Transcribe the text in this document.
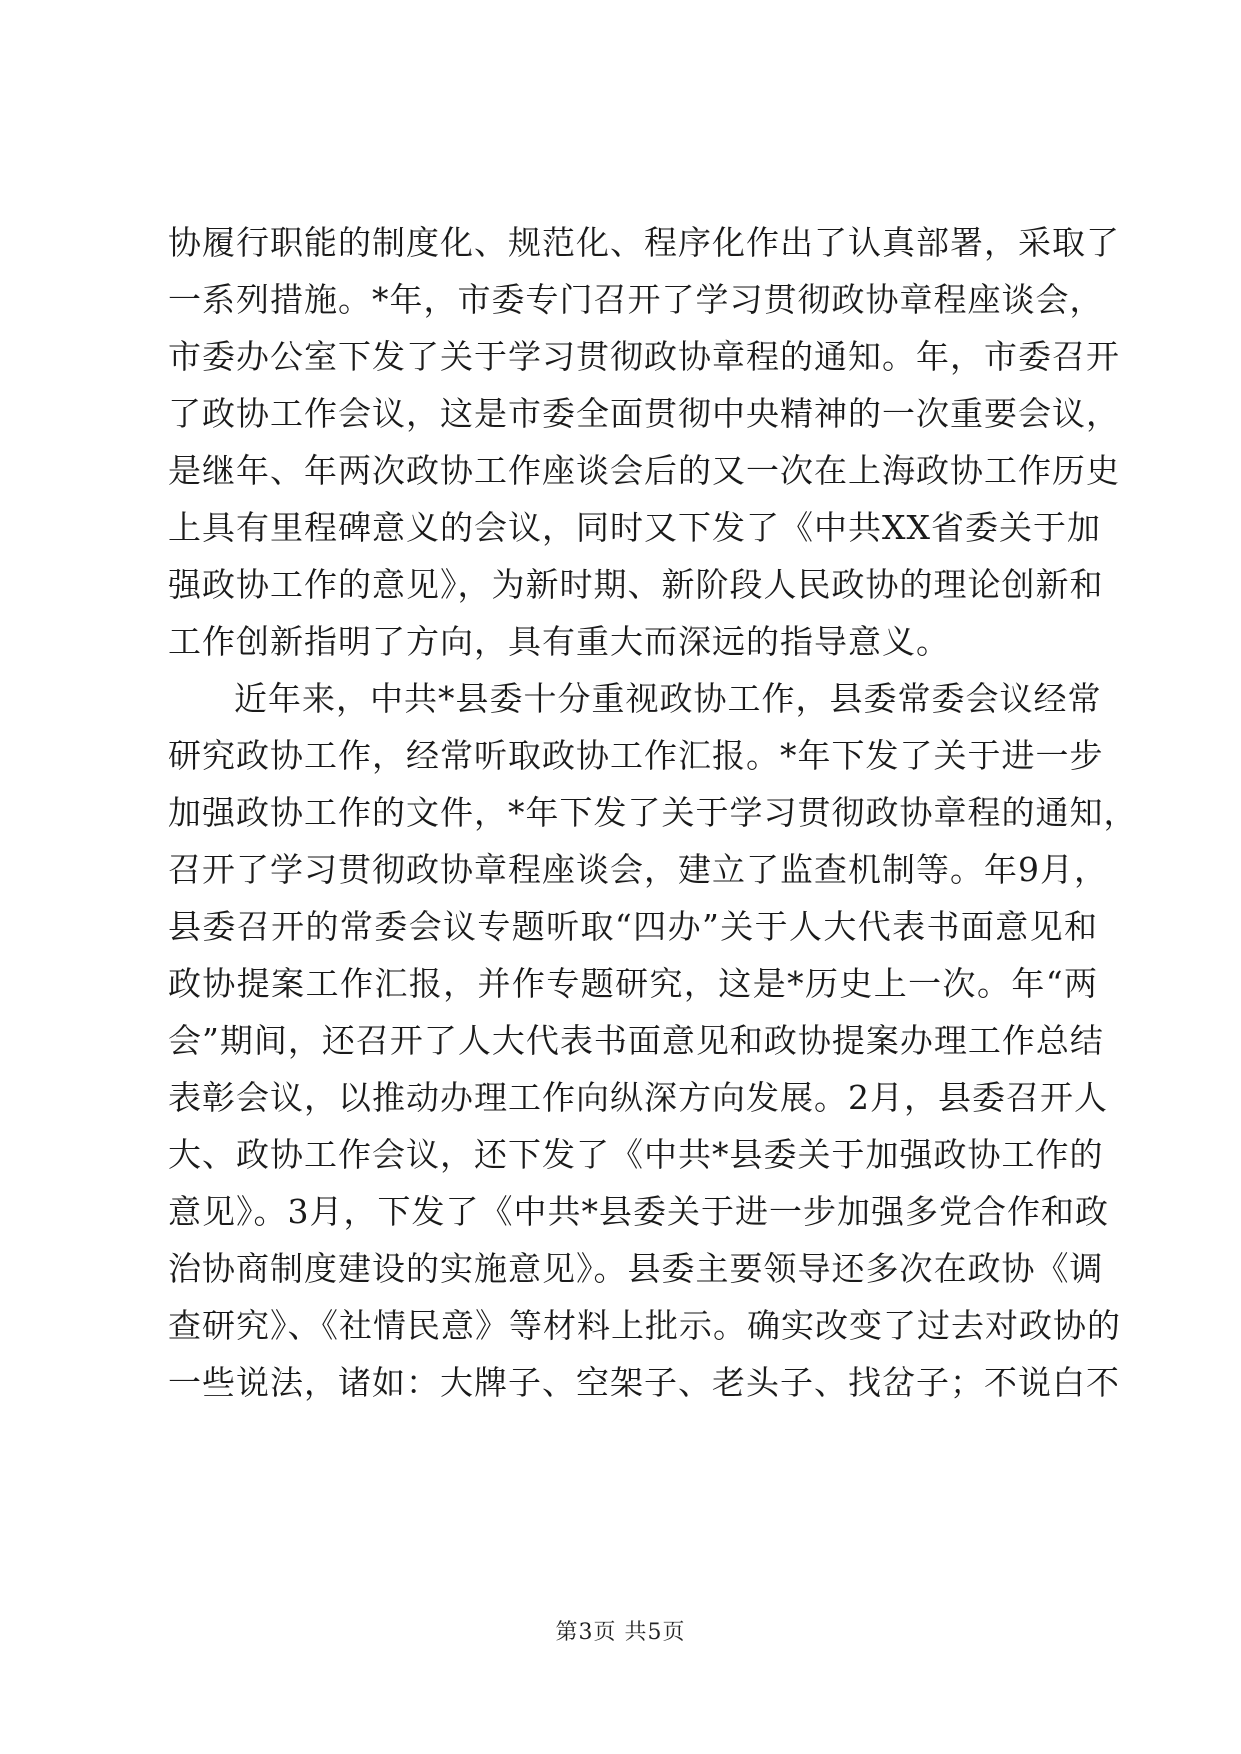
协履行职能的制度化、规范化、程序化作出了认真部署，采取了
一系列措施。*年，市委专门召开了学习贯彻政协章程座谈会，
市委办公室下发了关于学习贯彻政协章程的通知。年，市委召开
了政协工作会议，这是市委全面贯彻中央精神的一次重要会议，
是继年、年两次政协工作座谈会后的又一次在上海政协工作历史
上具有里程碑意义的会议，同时又下发了《中共XX省委关于加
强政协工作的意见》，为新时期、新阶段人民政协的理论创新和
工作创新指明了方向，具有重大而深远的指导意义。
近年来，中共*县委十分重视政协工作，县委常委会议经常
研究政协工作，经常听取政协工作汇报。*年下发了关于进一步
加强政协工作的文件，*年下发了关于学习贯彻政协章程的通知，
召开了学习贯彻政协章程座谈会，建立了监查机制等。年9月，
县委召开的常委会议专题听取“四办”关于人大代表书面意见和
政协提案工作汇报，并作专题研究，这是*历史上一次。年“两
会”期间，还召开了人大代表书面意见和政协提案办理工作总结
表彰会议，以推动办理工作向纵深方向发展。2月，县委召开人
大、政协工作会议，还下发了《中共*县委关于加强政协工作的
意见》。3月，下发了《中共*县委关于进一步加强多党合作和政
治协商制度建设的实施意见》。县委主要领导还多次在政协《调
查研究》、《社情民意》等材料上批示。确实改变了过去对政协的
一些说法，诸如：大牌子、空架子、老头子、找岔子；不说白不
第3页 共5页
